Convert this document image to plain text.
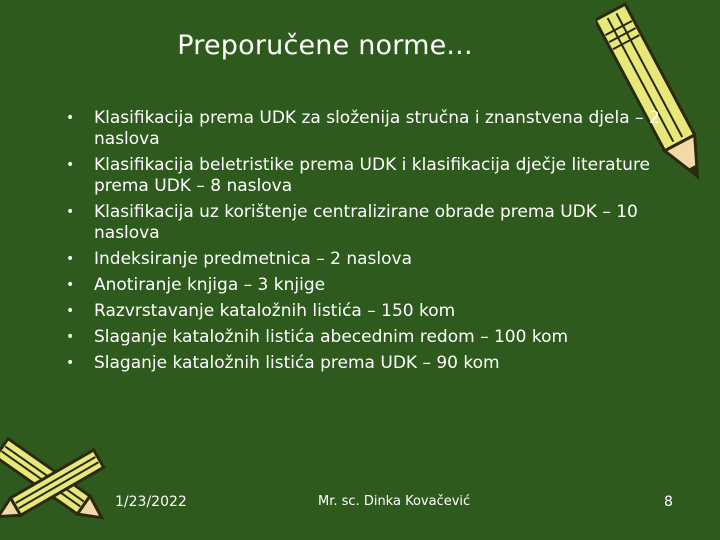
Preporučene norme...
•	Klasifikacija prema UDK za složenija stručna i znanstvena djela – 2 naslova
•	Klasifikacija beletristike prema UDK i klasifikacija dječje literature prema UDK – 8 naslova
•	Klasifikacija uz korištenje centralizirane obrade prema UDK – 10 naslova
•	Indeksiranje predmetnica – 2 naslova
•	Anotiranje knjiga – 3 knjige
•	Razvrstavanje kataložnih listića – 150 kom
•	Slaganje kataložnih listića abecednim redom – 100 kom
•	Slaganje kataložnih listića prema UDK – 90 kom
1/23/2022	Mr. sc. Dinka Kovačević	8
